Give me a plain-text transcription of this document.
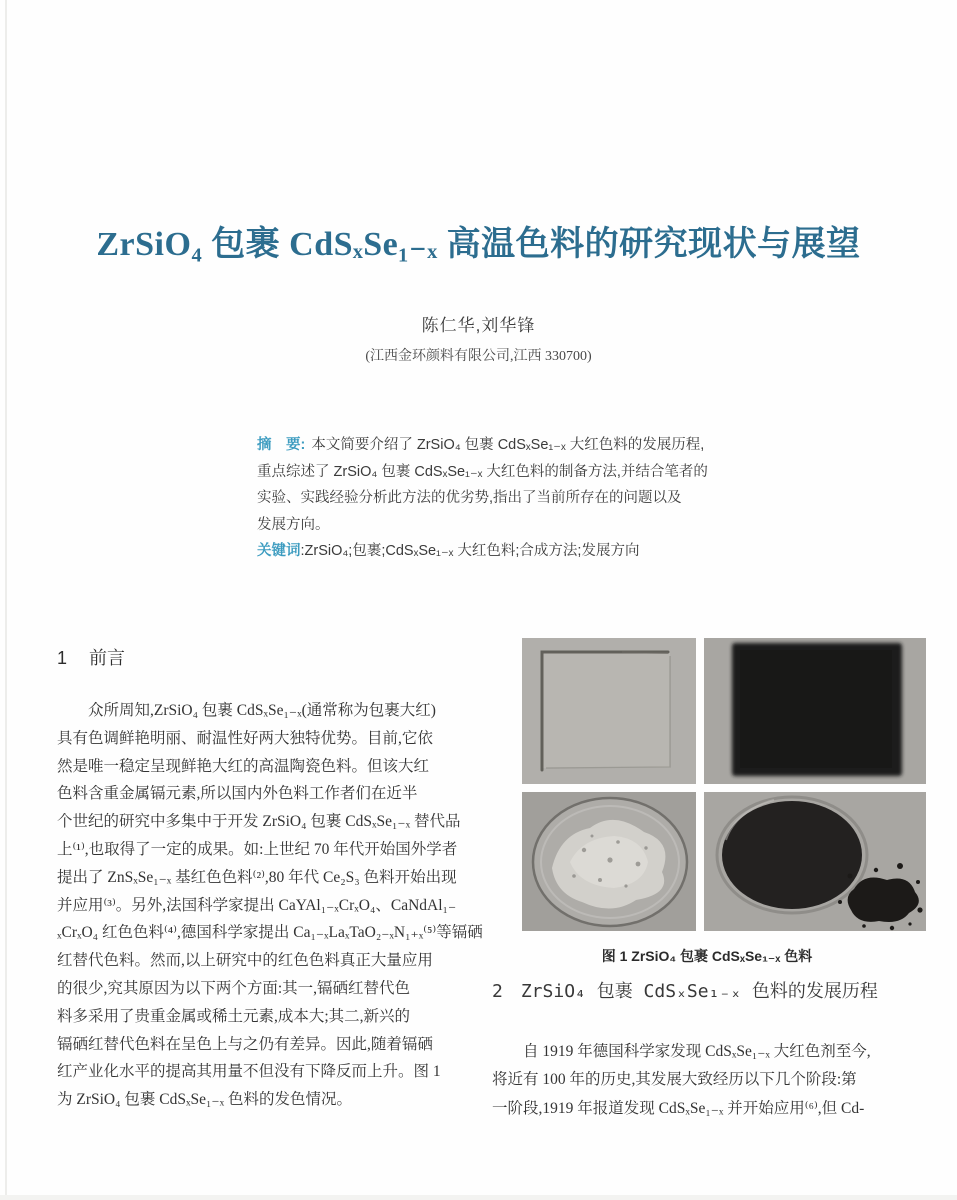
ZrSiO₄ 包裹 CdSₓSe₁₋ₓ 高温色料的研究现状与展望
陈仁华,刘华锋
(江西金环颜料有限公司,江西 330700)
摘　要: 本文简要介绍了 ZrSiO₄ 包裹 CdSₓSe₁₋ₓ 大红色料的发展历程,
重点综述了 ZrSiO₄ 包裹 CdSₓSe₁₋ₓ 大红色料的制备方法,并结合笔者的
实验、实践经验分析此方法的优劣势,指出了当前所存在的问题以及
发展方向。
关键词:ZrSiO₄;包裹;CdSₓSe₁₋ₓ 大红色料;合成方法;发展方向
1 前言
众所周知,ZrSiO₄ 包裹 CdSₓSe₁₋ₓ(通常称为包裹大红)
具有色调鲜艳明丽、耐温性好两大独特优势。目前,它依
然是唯一稳定呈现鲜艳大红的高温陶瓷色料。但该大红
色料含重金属镉元素,所以国内外色料工作者们在近半
个世纪的研究中多集中于开发 ZrSiO₄ 包裹 CdSₓSe₁₋ₓ 替代品
上⁽¹⁾,也取得了一定的成果。如:上世纪 70 年代开始国外学者
提出了 ZnSₓSe₁₋ₓ 基红色色料⁽²⁾,80 年代 Ce₂S₃ 色料开始出现
并应用⁽³⁾。另外,法国科学家提出 CaYAl₁₋ₓCrₓO₄、CaNdAl₁₋
ₓCrₓO₄ 红色色料⁽⁴⁾,德国科学家提出 Ca₁₋ₓLaₓTaO₂₋ₓN₁₊ₓ⁽⁵⁾等镉硒
红替代色料。然而,以上研究中的红色色料真正大量应用
的很少,究其原因为以下两个方面:其一,镉硒红替代色
料多采用了贵重金属或稀土元素,成本大;其二,新兴的
镉硒红替代色料在呈色上与之仍有差异。因此,随着镉硒
红产业化水平的提高其用量不但没有下降反而上升。图 1
为 ZrSiO₄ 包裹 CdSₓSe₁₋ₓ 色料的发色情况。
图 1 ZrSiO₄ 包裹 CdSₓSe₁₋ₓ 色料
2 ZrSiO₄ 包裹 CdSₓSe₁₋ₓ 色料的发展历程
自 1919 年德国科学家发现 CdSₓSe₁₋ₓ 大红色剂至今,
将近有 100 年的历史,其发展大致经历以下几个阶段:第
一阶段,1919 年报道发现 CdSₓSe₁₋ₓ 并开始应用⁽⁶⁾,但 Cd-
